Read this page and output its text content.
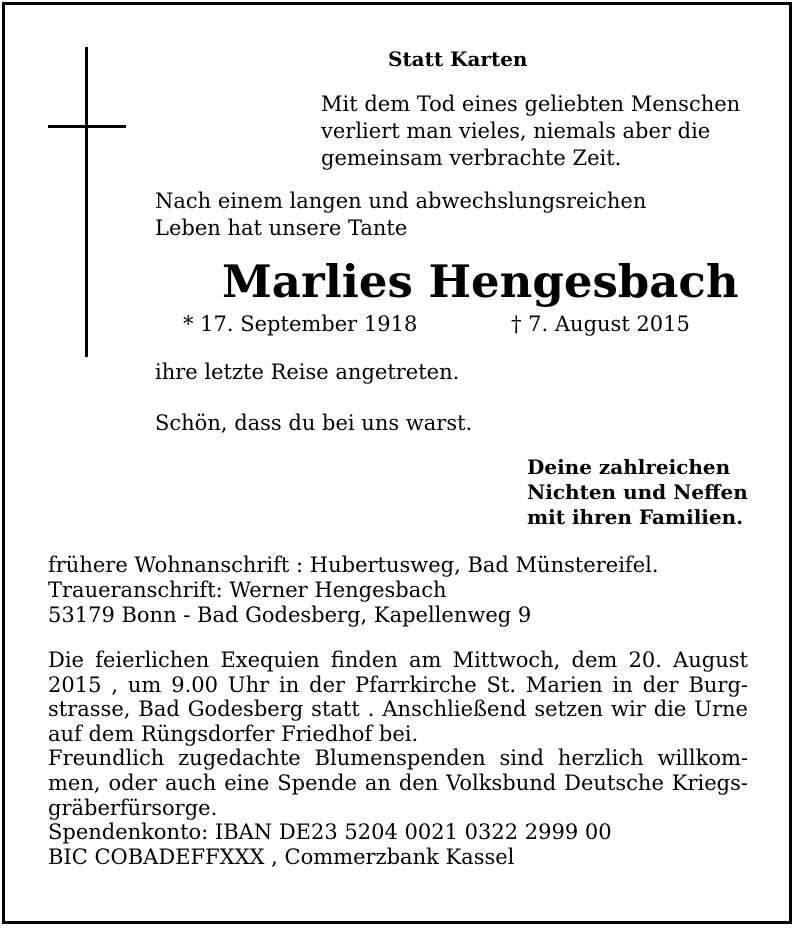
Statt Karten

Mit dem Tod eines geliebten Menschen
verliert man vieles, niemals aber die
gemeinsam verbrachte Zeit.

Nach einem langen und abwechslungsreichen
Leben hat unsere Tante

Marlies Hengesbach

* 17. September 1918	† 7. August 2015

ihre letzte Reise angetreten.

Schön, dass du bei uns warst.

Deine zahlreichen
Nichten und Neffen
mit ihren Familien.

frühere Wohnanschrift : Hubertusweg, Bad Münstereifel.
Traueranschrift: Werner Hengesbach
53179 Bonn - Bad Godesberg, Kapellenweg 9

Die feierlichen Exequien finden am Mittwoch, dem 20. August
2015 , um 9.00 Uhr in der Pfarrkirche St. Marien in der Burg-
strasse, Bad Godesberg statt . Anschließend setzen wir die Urne
auf dem Rüngsdorfer Friedhof bei.
Freundlich zugedachte Blumenspenden sind herzlich willkom-
men, oder auch eine Spende an den Volksbund Deutsche Kriegs-
gräberfürsorge.
Spendenkonto: IBAN DE23 5204 0021 0322 2999 00
BIC COBADEFFXXX , Commerzbank Kassel
